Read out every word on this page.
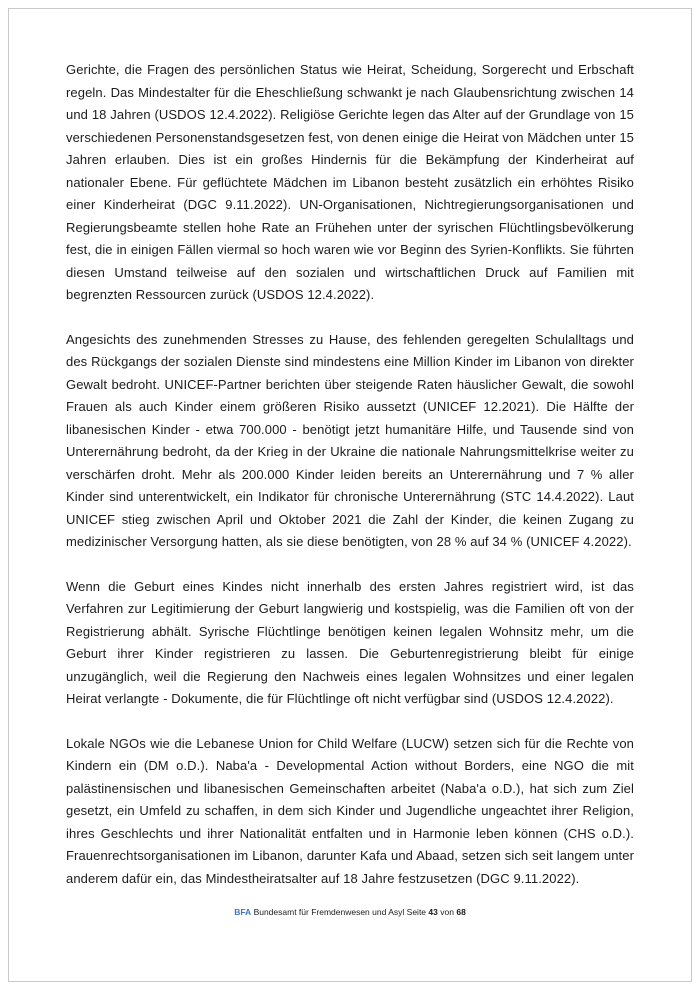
Gerichte, die Fragen des persönlichen Status wie Heirat, Scheidung, Sorgerecht und Erbschaft regeln. Das Mindestalter für die Eheschließung schwankt je nach Glaubensrichtung zwischen 14 und 18 Jahren (USDOS 12.4.2022). Religiöse Gerichte legen das Alter auf der Grundlage von 15 verschiedenen Personenstandsgesetzen fest, von denen einige die Heirat von Mädchen unter 15 Jahren erlauben. Dies ist ein großes Hindernis für die Bekämpfung der Kinderheirat auf nationaler Ebene. Für geflüchtete Mädchen im Libanon besteht zusätzlich ein erhöhtes Risiko einer Kinderheirat (DGC 9.11.2022). UN-Organisationen, Nichtregierungsorganisationen und Regierungsbeamte stellen hohe Rate an Frühehen unter der syrischen Flüchtlingsbevölkerung fest, die in einigen Fällen viermal so hoch waren wie vor Beginn des Syrien-Konflikts. Sie führten diesen Umstand teilweise auf den sozialen und wirtschaftlichen Druck auf Familien mit begrenzten Ressourcen zurück (USDOS 12.4.2022).

Angesichts des zunehmenden Stresses zu Hause, des fehlenden geregelten Schulalltags und des Rückgangs der sozialen Dienste sind mindestens eine Million Kinder im Libanon von direkter Gewalt bedroht. UNICEF-Partner berichten über steigende Raten häuslicher Gewalt, die sowohl Frauen als auch Kinder einem größeren Risiko aussetzt (UNICEF 12.2021). Die Hälfte der libanesischen Kinder - etwa 700.000 - benötigt jetzt humanitäre Hilfe, und Tausende sind von Unterernährung bedroht, da der Krieg in der Ukraine die nationale Nahrungsmittelkrise weiter zu verschärfen droht. Mehr als 200.000 Kinder leiden bereits an Unterernährung und 7 % aller Kinder sind unterentwickelt, ein Indikator für chronische Unterernährung (STC 14.4.2022). Laut UNICEF stieg zwischen April und Oktober 2021 die Zahl der Kinder, die keinen Zugang zu medizinischer Versorgung hatten, als sie diese benötigten, von 28 % auf 34 % (UNICEF 4.2022).

Wenn die Geburt eines Kindes nicht innerhalb des ersten Jahres registriert wird, ist das Verfahren zur Legitimierung der Geburt langwierig und kostspielig, was die Familien oft von der Registrierung abhält. Syrische Flüchtlinge benötigen keinen legalen Wohnsitz mehr, um die Geburt ihrer Kinder registrieren zu lassen. Die Geburtenregistrierung bleibt für einige unzugänglich, weil die Regierung den Nachweis eines legalen Wohnsitzes und einer legalen Heirat verlangte - Dokumente, die für Flüchtlinge oft nicht verfügbar sind (USDOS 12.4.2022).

Lokale NGOs wie die Lebanese Union for Child Welfare (LUCW) setzen sich für die Rechte von Kindern ein (DM o.D.). Naba'a - Developmental Action without Borders, eine NGO die mit palästinensischen und libanesischen Gemeinschaften arbeitet (Naba'a o.D.), hat sich zum Ziel gesetzt, ein Umfeld zu schaffen, in dem sich Kinder und Jugendliche ungeachtet ihrer Religion, ihres Geschlechts und ihrer Nationalität entfalten und in Harmonie leben können (CHS o.D.). Frauenrechtsorganisationen im Libanon, darunter Kafa und Abaad, setzen sich seit langem unter anderem dafür ein, das Mindestheiratsalter auf 18 Jahre festzusetzen (DGC 9.11.2022).

BFA Bundesamt für Fremdenwesen und Asyl Seite 43 von 68
